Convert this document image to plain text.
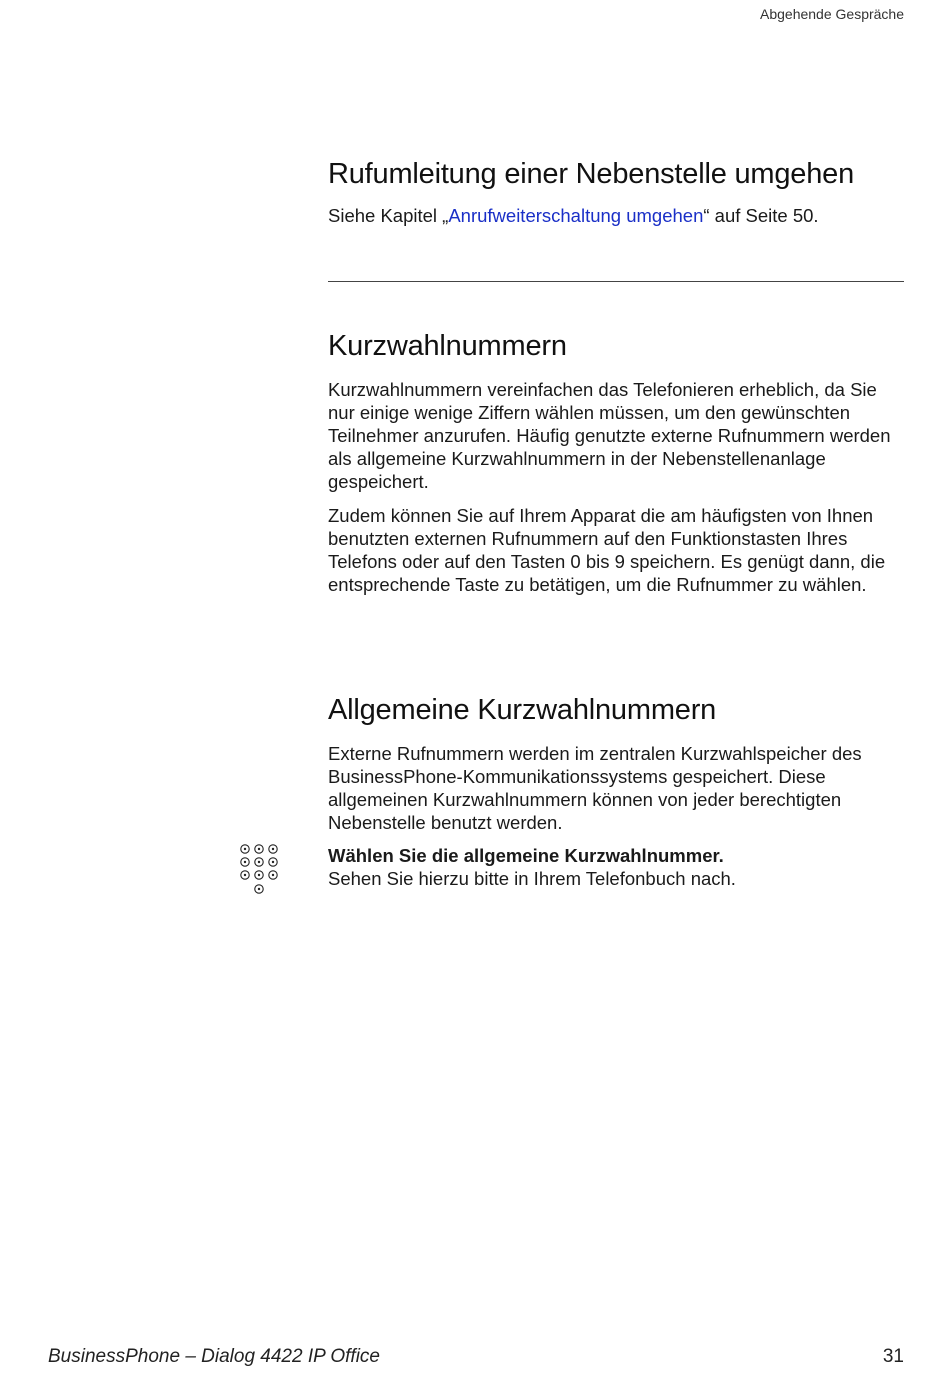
Abgehende Gespräche
Rufumleitung einer Nebenstelle umgehen

Siehe Kapitel „Anrufweiterschaltung umgehen“ auf Seite 50.

Kurzwahlnummern

Kurzwahlnummern vereinfachen das Telefonieren erheblich, da Sie nur einige wenige Ziffern wählen müssen, um den gewünschten Teilnehmer anzurufen. Häufig genutzte externe Rufnummern werden als allgemeine Kurzwahlnummern in der Nebenstellenanlage gespeichert.

Zudem können Sie auf Ihrem Apparat die am häufigsten von Ihnen benutzten externen Rufnummern auf den Funktionstasten Ihres Telefons oder auf den Tasten 0 bis 9 speichern. Es genügt dann, die entsprechende Taste zu betätigen, um die Rufnummer zu wählen.

Allgemeine Kurzwahlnummern

Externe Rufnummern werden im zentralen Kurzwahlspeicher des BusinessPhone-Kommunikationssystems gespeichert. Diese allgemeinen Kurzwahlnummern können von jeder berechtigten Nebenstelle benutzt werden.

Wählen Sie die allgemeine Kurzwahlnummer.
Sehen Sie hierzu bitte in Ihrem Telefonbuch nach.

BusinessPhone – Dialog 4422 IP Office	31
